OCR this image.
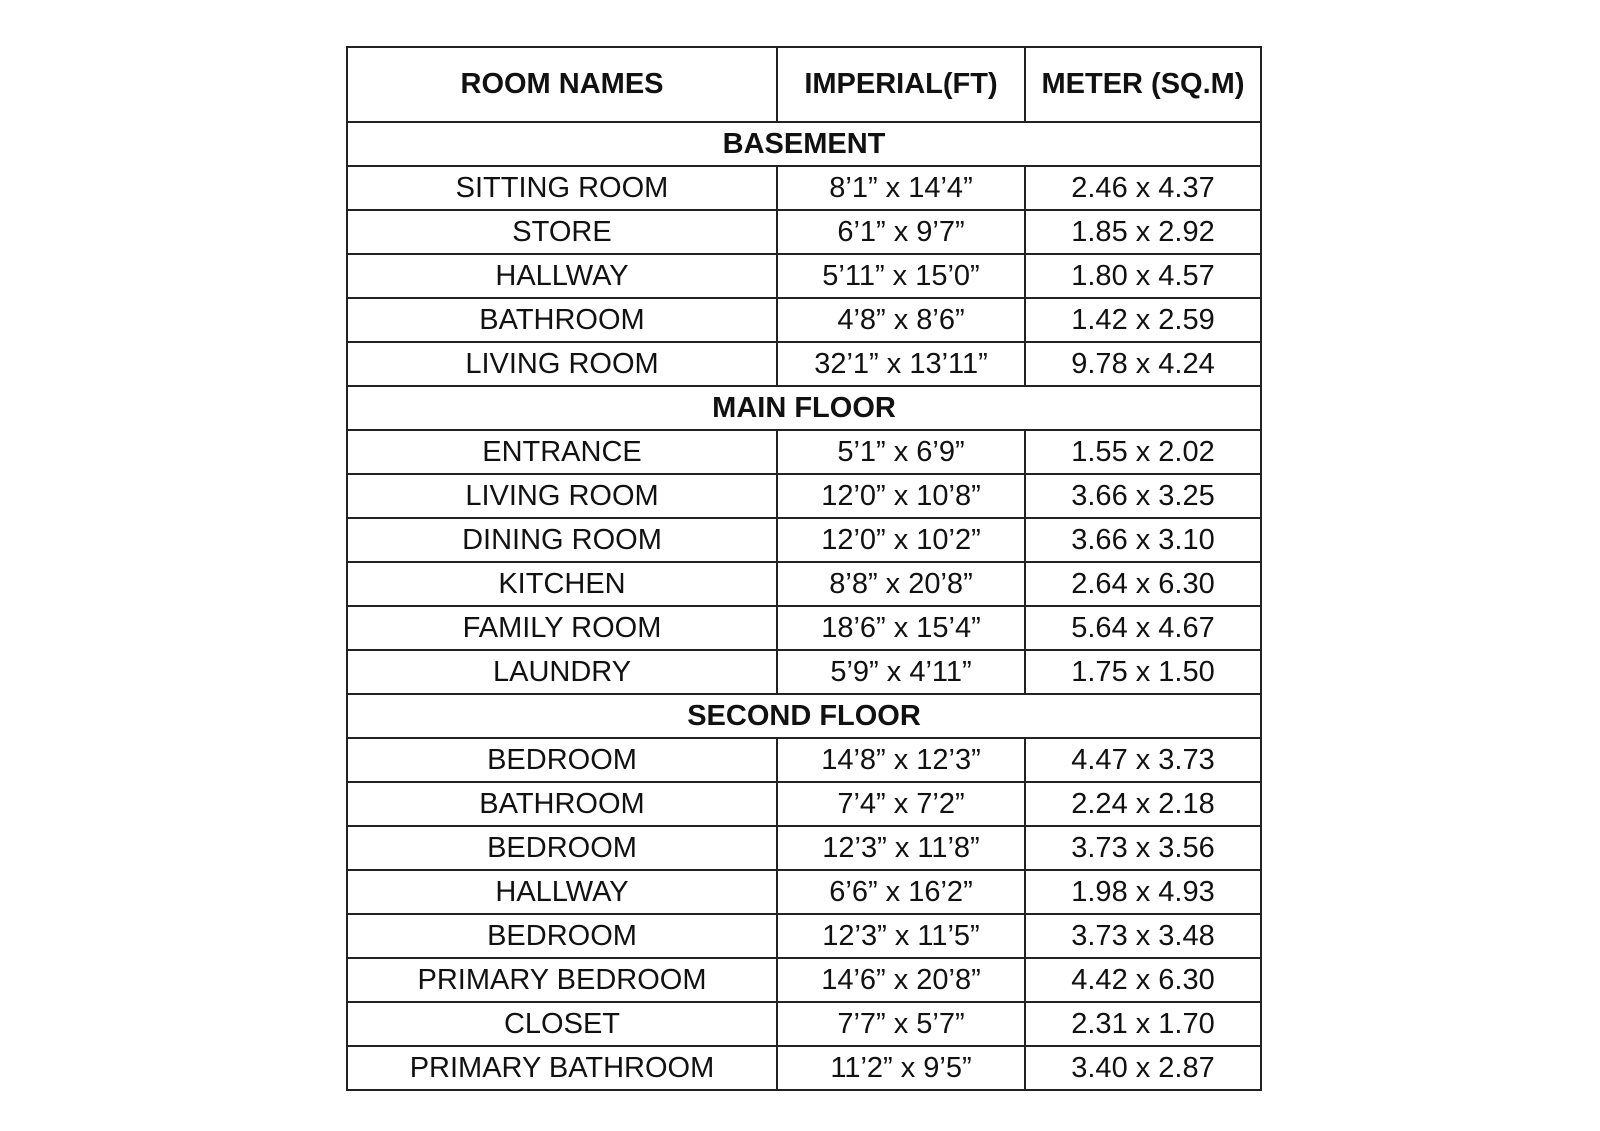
ROOM NAMES	IMPERIAL(FT)	METER (SQ.M)
BASEMENT		
SITTING ROOM	8’1” x 14’4”	2.46 x 4.37
STORE	6’1” x 9’7”	1.85 x 2.92
HALLWAY	5’11” x 15’0”	1.80 x 4.57
BATHROOM	4’8” x 8’6”	1.42 x 2.59
LIVING ROOM	32’1” x 13’11”	9.78 x 4.24
MAIN FLOOR		
ENTRANCE	5’1” x 6’9”	1.55 x 2.02
LIVING ROOM	12’0” x 10’8”	3.66 x 3.25
DINING ROOM	12’0” x 10’2”	3.66 x 3.10
KITCHEN	8’8” x 20’8”	2.64 x 6.30
FAMILY ROOM	18’6” x 15’4”	5.64 x 4.67
LAUNDRY	5’9” x 4’11”	1.75 x 1.50
SECOND FLOOR		
BEDROOM	14’8” x 12’3”	4.47 x 3.73
BATHROOM	7’4” x 7’2”	2.24 x 2.18
BEDROOM	12’3” x 11’8”	3.73 x 3.56
HALLWAY	6’6” x 16’2”	1.98 x 4.93
BEDROOM	12’3” x 11’5”	3.73 x 3.48
PRIMARY BEDROOM	14’6” x 20’8”	4.42 x 6.30
CLOSET	7’7” x 5’7”	2.31 x 1.70
PRIMARY BATHROOM	11’2” x 9’5”	3.40 x 2.87
